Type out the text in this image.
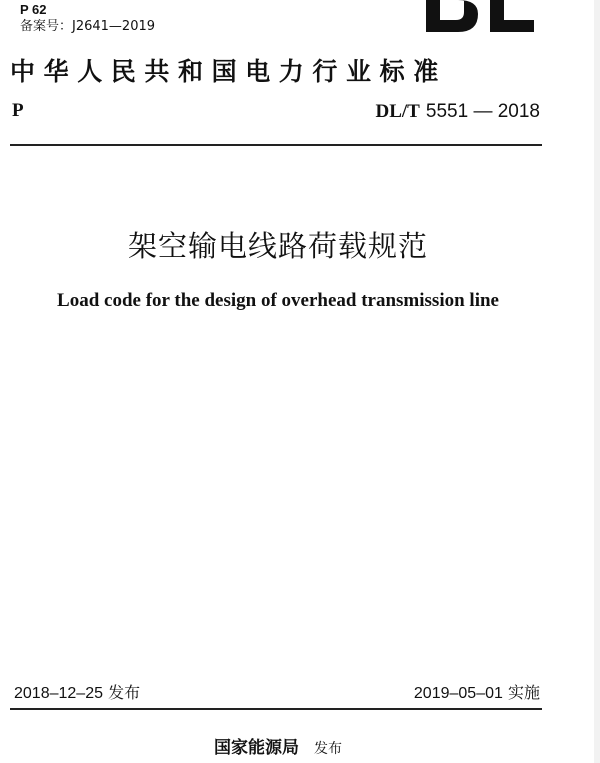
P 62
备案号：J2641—2019
中华人民共和国电力行业标准
P	DL/T 5551 — 2018
架空输电线路荷载规范
Load code for the design of overhead transmission line
2018–12–25 发布	2019–05–01 实施
国家能源局 发布
